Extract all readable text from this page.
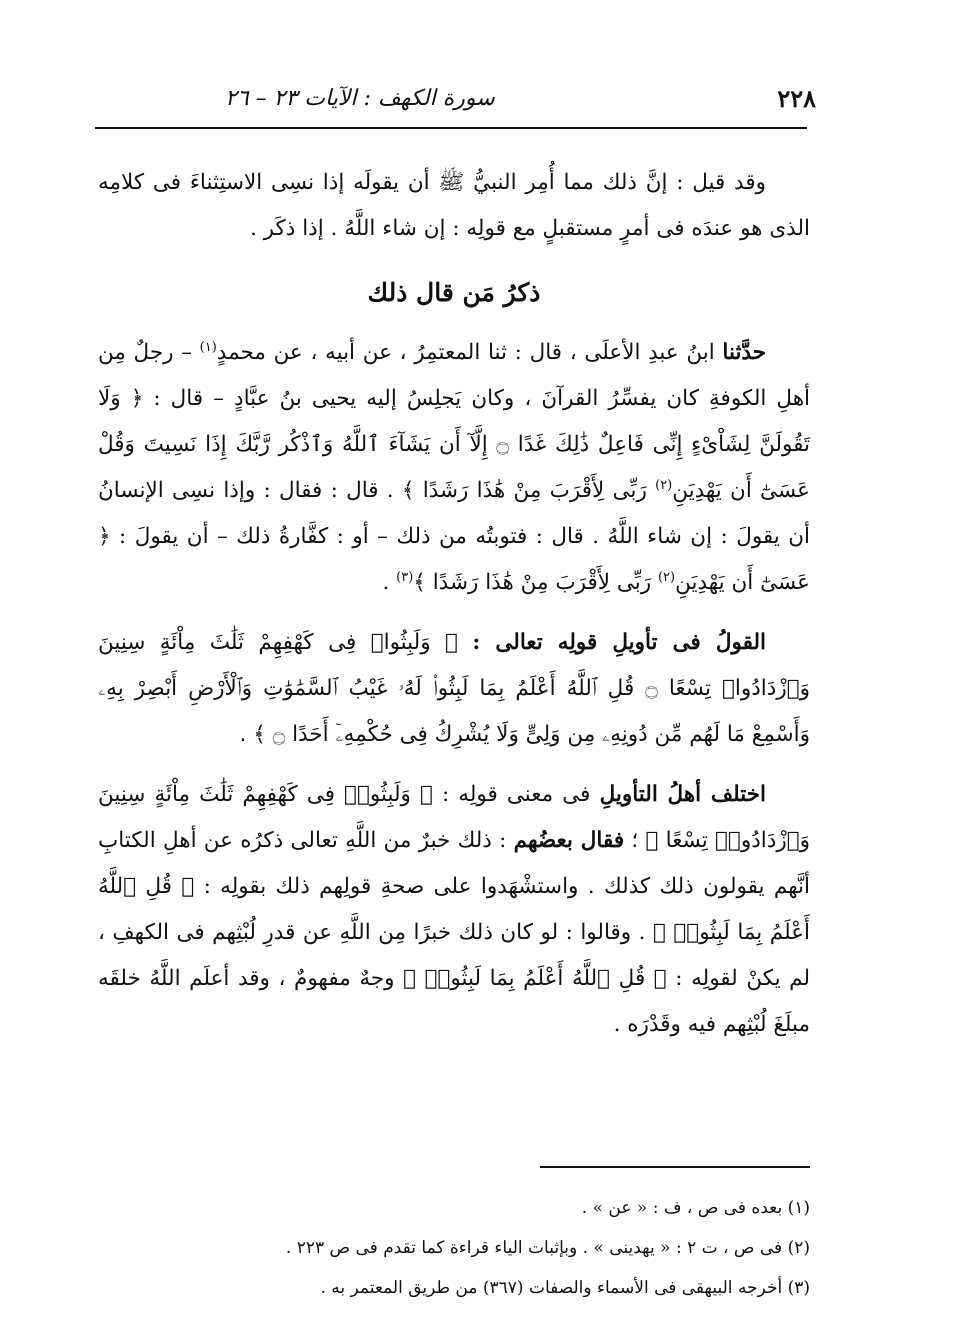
٢٢٨
سورة الكهف : الآيات ٢٣ – ٢٦

وقد قيل : إنَّ ذلك مما أُمِر النبيُّ ﷺ أن يقولَه إذا نسِى الاستِثناءَ فى كلامِه الذى هو عندَه فى أمرٍ مستقبلٍ مع قولِه : إن شاء اللَّهُ . إذا ذكَر .

ذكرُ مَن قال ذلك

حدَّثنا ابنُ عبدِ الأعلَى ، قال : ثنا المعتمِرُ ، عن أبيه ، عن محمدٍ$^{(١)}$ – رجلٌ مِن أهلِ الكوفةِ كان يفسِّرُ القرآنَ ، وكان يَجلِسُ إليه يحيى بنُ عبَّادٍ – قال : ﴿ وَلَا تَقُولَنَّ لِشَاْىْءٍ إِنِّى فَاعِلٌ ذَٰلِكَ غَدًا ۝ إِلَّآ أَن يَشَآءَ ٱللَّهُ وَٱذْكُر رَّبَّكَ إِذَا نَسِيتَ وَقُلْ عَسَىٰٓ أَن يَهْدِيَنِ$^{(٢)}$ رَبِّى لِأَقْرَبَ مِنْ هَٰذَا رَشَدًا ﴾ . قال : فقال : وإذا نسِى الإنسانُ أن يقولَ : إن شاء اللَّهُ . قال : فتوبتُه من ذلك – أو : كفَّارةُ ذلك – أن يقولَ : ﴿ عَسَىٰٓ أَن يَهْدِيَنِ$^{(٢)}$ رَبِّى لِأَقْرَبَ مِنْ هَٰذَا رَشَدًا ﴾$^{(٣)}$ .

القولُ فى تأويلِ قولِه تعالى : ﴿ وَلَبِثُوا۟ فِى كَهْفِهِمْ ثَلَٰثَ مِاْئَةٍ سِنِينَ وَٱزْدَادُوا۟ تِسْعًا ۝ قُلِ ٱللَّهُ أَعْلَمُ بِمَا لَبِثُوا۟ لَهُۥ غَيْبُ ٱلسَّمَٰوَٰتِ وَٱلْأَرْضِ أَبْصِرْ بِهِۦ وَأَسْمِعْ مَا لَهُم مِّن دُونِهِۦ مِن وَلِىٍّ وَلَا يُشْرِكُ فِى حُكْمِهِۦٓ أَحَدًا ۝ ﴾ .

اختلف أهلُ التأويلِ فى معنى قولِه : ﴿ وَلَبِثُوا۟ فِى كَهْفِهِمْ ثَلَٰثَ مِاْئَةٍ سِنِينَ وَٱزْدَادُوا۟ تِسْعًا ﴾ ؛ فقال بعضُهم : ذلك خبرٌ من اللَّهِ تعالى ذكرُه عن أهلِ الكتابِ أنَّهم يقولون ذلك كذلك . واستشْهَدوا على صحةِ قولِهم ذلك بقولِه : ﴿ قُلِ ٱللَّهُ أَعْلَمُ بِمَا لَبِثُوا۟ ﴾ . وقالوا : لو كان ذلك خبرًا مِن اللَّهِ عن قدرِ لُبْثِهم فى الكهفِ ، لم يكنْ لقولِه : ﴿ قُلِ ٱللَّهُ أَعْلَمُ بِمَا لَبِثُوا۟ ﴾ وجهٌ مفهومٌ ، وقد أعلَم اللَّهُ خلقَه مبلَغَ لُبْثِهم فيه وقَدْرَه .

(١) بعده فى ص ، ف : « عن » .

(٢) فى ص ، ت ٢ : « يهدينى » . وبإثبات الياء قراءة كما تقدم فى ص ٢٢٣ .

(٣) أخرجه البيهقى فى الأسماء والصفات (٣٦٧) من طريق المعتمر به .
